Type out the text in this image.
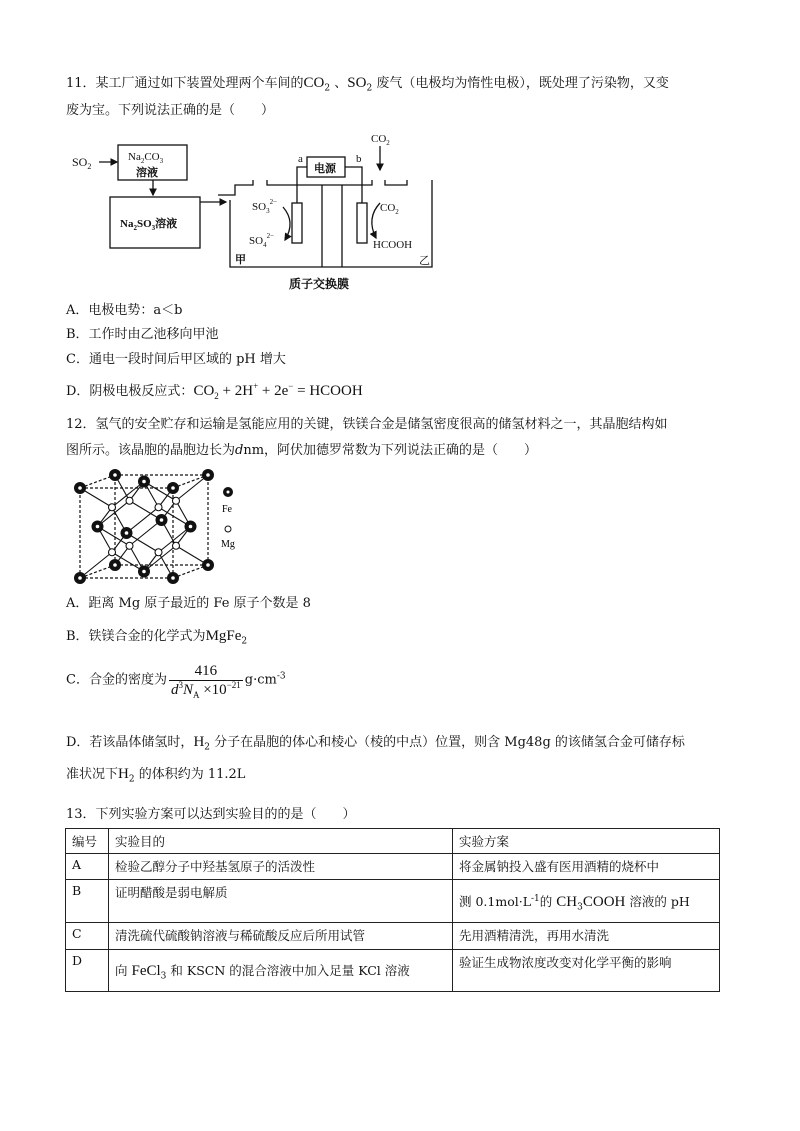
11．某工厂通过如下装置处理两个车间的$CO_2$ 、$SO_2$ 废气（电极均为惰性电极），既处理了污染物，又变
废为宝。下列说法正确的是（　　）
$SO_2$
$Na_2CO_3$
溶液
$Na_2SO_3$溶液
电源
a	b
$CO_2$
$SO_3^{2-}$
$SO_4^{2-}$
$CO_2$
HCOOH
甲	乙
质子交换膜
A．电极电势：a＜b
B．工作时由乙池移向甲池
C．通电一段时间后甲区域的 pH 增大
D．阴极电极反应式：$CO_2 + 2H^+ + 2e^-$ = HCOOH
12．氢气的安全贮存和运输是氢能应用的关键，铁镁合金是储氢密度很高的储氢材料之一，其晶胞结构如
图所示。该晶胞的晶胞边长为dnm，阿伏加德罗常数为下列说法正确的是（　　）
Fe
Mg
A．距离 Mg 原子最近的 Fe 原子个数是 8
B．铁镁合金的化学式为MgFe$_2$
C．合金的密度为 $\frac{416}{d^3N_A \times 10^{-21}} g\cdot cm^{-3}$
D．若该晶体储氢时，$H_2$ 分子在晶胞的体心和棱心（棱的中点）位置，则含 Mg48g 的该储氢合金可储存标
准状况下$H_2$ 的体积约为 11.2L
13．下列实验方案可以达到实验目的的是（　　）
编号	实验目的	实验方案
A	检验乙醇分子中羟基氢原子的活泼性	将金属钠投入盛有医用酒精的烧杯中
B	证明醋酸是弱电解质	测 $0.1mol\cdot L^{-1}$的 $CH_3COOH$ 溶液的 pH
C	清洗硫代硫酸钠溶液与稀硫酸反应后所用试管	先用酒精清洗，再用水清洗
D	向 FeCl$_3$ 和 KSCN 的混合溶液中加入足量 KCl 溶液	验证生成物浓度改变对化学平衡的影响
